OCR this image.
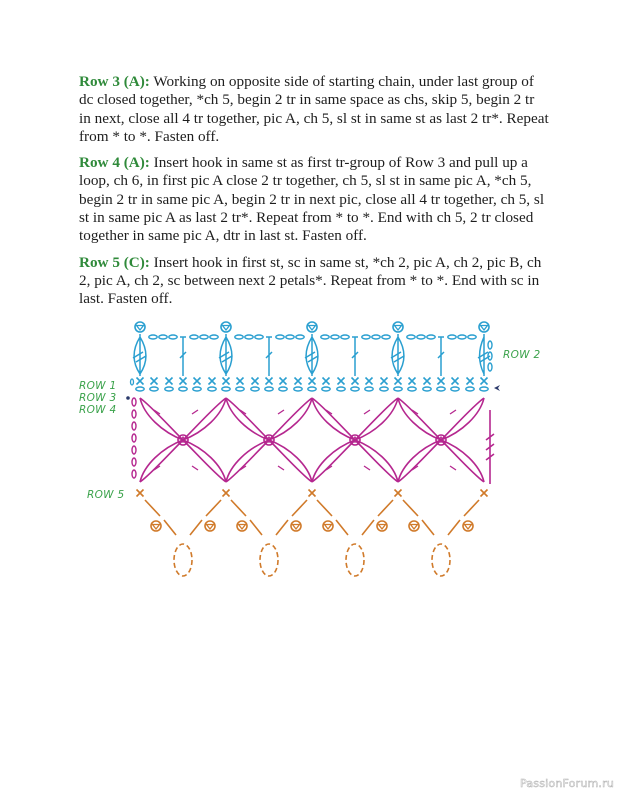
Row 3 (A): Working on opposite side of starting chain, under last group of dc closed together, *ch 5, begin 2 tr in same space as chs, skip 5, begin 2 tr in next, close all 4 tr together, pic A, ch 5, sl st in same st as last 2 tr*. Repeat from * to *. Fasten off.

Row 4 (A): Insert hook in same st as first tr-group of Row 3 and pull up a loop, ch 6, in first pic A close 2 tr together, ch 5, sl st in same pic A, *ch 5, begin 2 tr in same pic A, begin 2 tr in next pic, close all 4 tr together, ch 5, sl st in same pic A as last 2 tr*. Repeat from * to *. End with ch 5, 2 tr closed together in same pic A, dtr in last st. Fasten off.

Row 5 (C): Insert hook in first st, sc in same st, *ch 2, pic A, ch 2, pic B, ch 2, pic A, ch 2, sc between next 2 petals*. Repeat from * to *. End with sc in last. Fasten off.

ROW 1
ROW 3
ROW 4
ROW 2
ROW 5
PassionForum.ru
